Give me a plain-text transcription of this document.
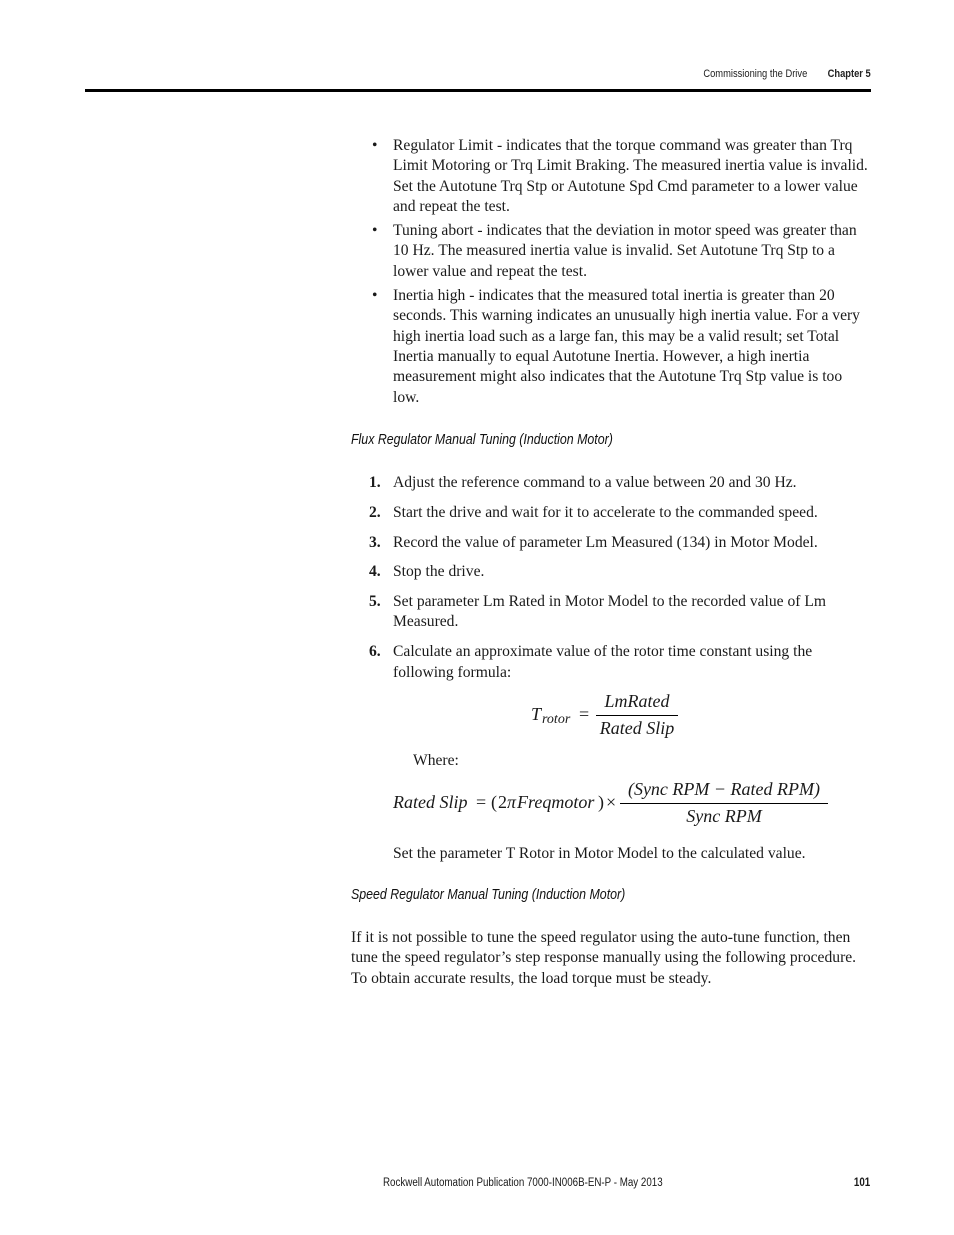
Commissioning the Drive Chapter 5
• Regulator Limit - indicates that the torque command was greater than Trq Limit Motoring or Trq Limit Braking. The measured inertia value is invalid. Set the Autotune Trq Stp or Autotune Spd Cmd parameter to a lower value and repeat the test.
• Tuning abort - indicates that the deviation in motor speed was greater than 10 Hz. The measured inertia value is invalid. Set Autotune Trq Stp to a lower value and repeat the test.
• Inertia high - indicates that the measured total inertia is greater than 20 seconds. This warning indicates an unusually high inertia value. For a very high inertia load such as a large fan, this may be a valid result; set Total Inertia manually to equal Autotune Inertia. However, a high inertia measurement might also indicates that the Autotune Trq Stp value is too low.
Flux Regulator Manual Tuning (Induction Motor)
1. Adjust the reference command to a value between 20 and 30 Hz.
2. Start the drive and wait for it to accelerate to the commanded speed.
3. Record the value of parameter Lm Measured (134) in Motor Model.
4. Stop the drive.
5. Set parameter Lm Rated in Motor Model to the recorded value of Lm Measured.
6. Calculate an approximate value of the rotor time constant using the following formula:
T rotor =
LmRated
Rated Slip
Where:
Rated Slip = ( 2 π Freqmotor ) ×
(Sync RPM − Rated RPM)
Sync RPM
Set the parameter T Rotor in Motor Model to the calculated value.
Speed Regulator Manual Tuning (Induction Motor)
If it is not possible to tune the speed regulator using the auto-tune function, then tune the speed regulator’s step response manually using the following procedure. To obtain accurate results, the load torque must be steady.
Rockwell Automation Publication 7000-IN006B-EN-P - May 2013	101
